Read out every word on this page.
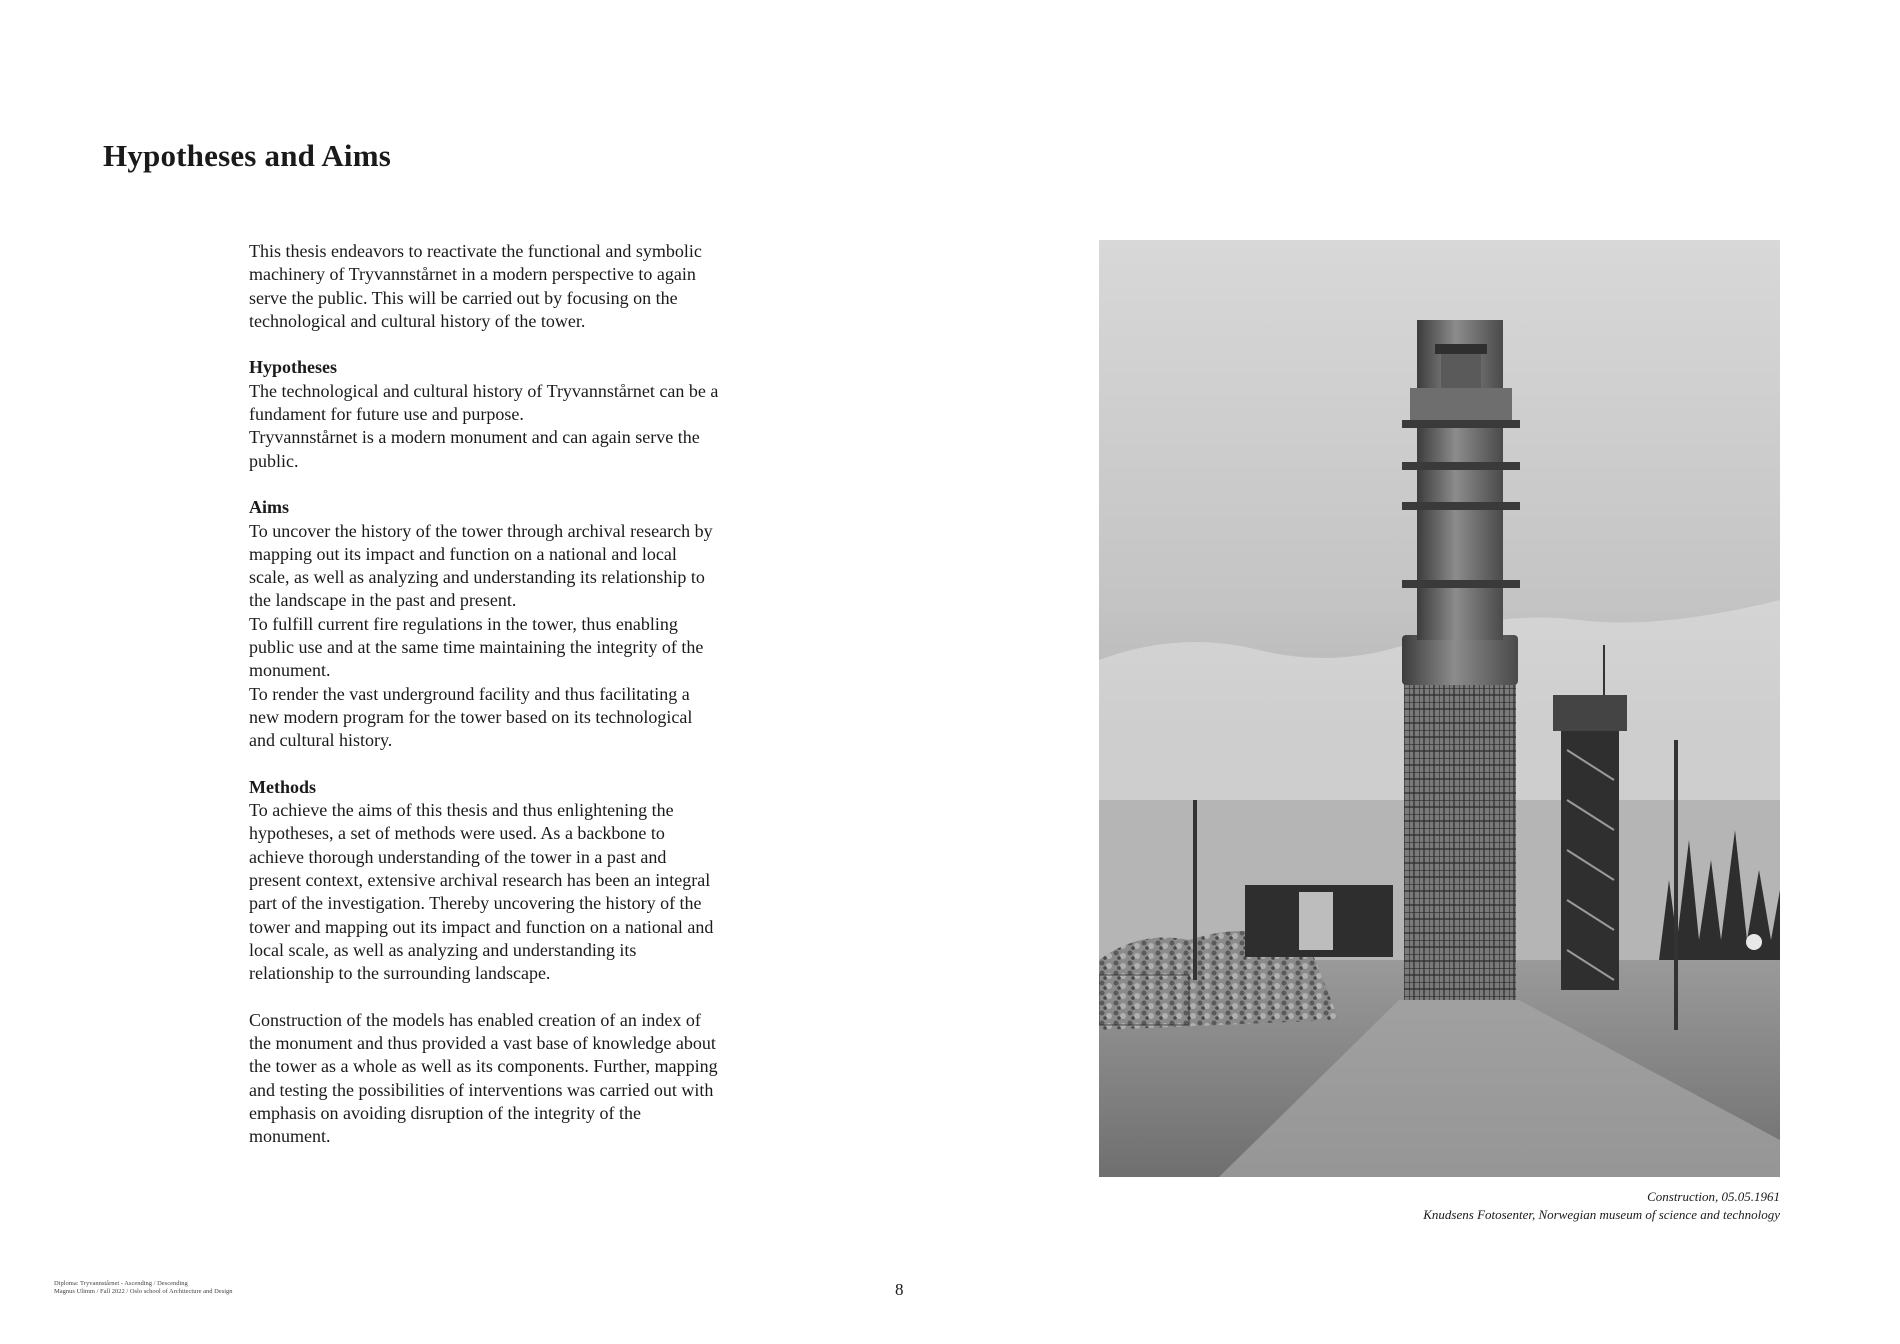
Hypotheses and Aims

This thesis endeavors to reactivate the functional and symbolic machinery of Tryvannstårnet in a modern perspective to again serve the public. This will be carried out by focusing on the technological and cultural history of the tower.

Hypotheses
The technological and cultural history of Tryvannstårnet can be a fundament for future use and purpose.
Tryvannstårnet is a modern monument and can again serve the public.

Aims
To uncover the history of the tower through archival research by mapping out its impact and function on a national and local scale, as well as analyzing and understanding its relationship to the landscape in the past and present.
To fulfill current fire regulations in the tower, thus enabling public use and at the same time maintaining the integrity of the monument.
To render the vast underground facility and thus facilitating a new modern program for the tower based on its technological and cultural history.

Methods
To achieve the aims of this thesis and thus enlightening the hypotheses, a set of methods were used. As a backbone to achieve thorough understanding of the tower in a past and present context, extensive archival research has been an integral part of the investigation. Thereby uncovering the history of the tower and mapping out its impact and function on a national and local scale, as well as analyzing and understanding its relationship to the surrounding landscape.

Construction of the models has enabled creation of an index of the monument and thus provided a vast base of knowledge about the tower as a whole as well as its components. Further, mapping and testing the possibilities of interventions was carried out with emphasis on avoiding disruption of the integrity of the monument.

Construction, 05.05.1961
Knudsens Fotosenter, Norwegian museum of science and technology
Diploma: Tryvannstårnet - Ascending / Descending
Magnus Ulimm / Fall 2022 / Oslo school of Architecture and Design	8
